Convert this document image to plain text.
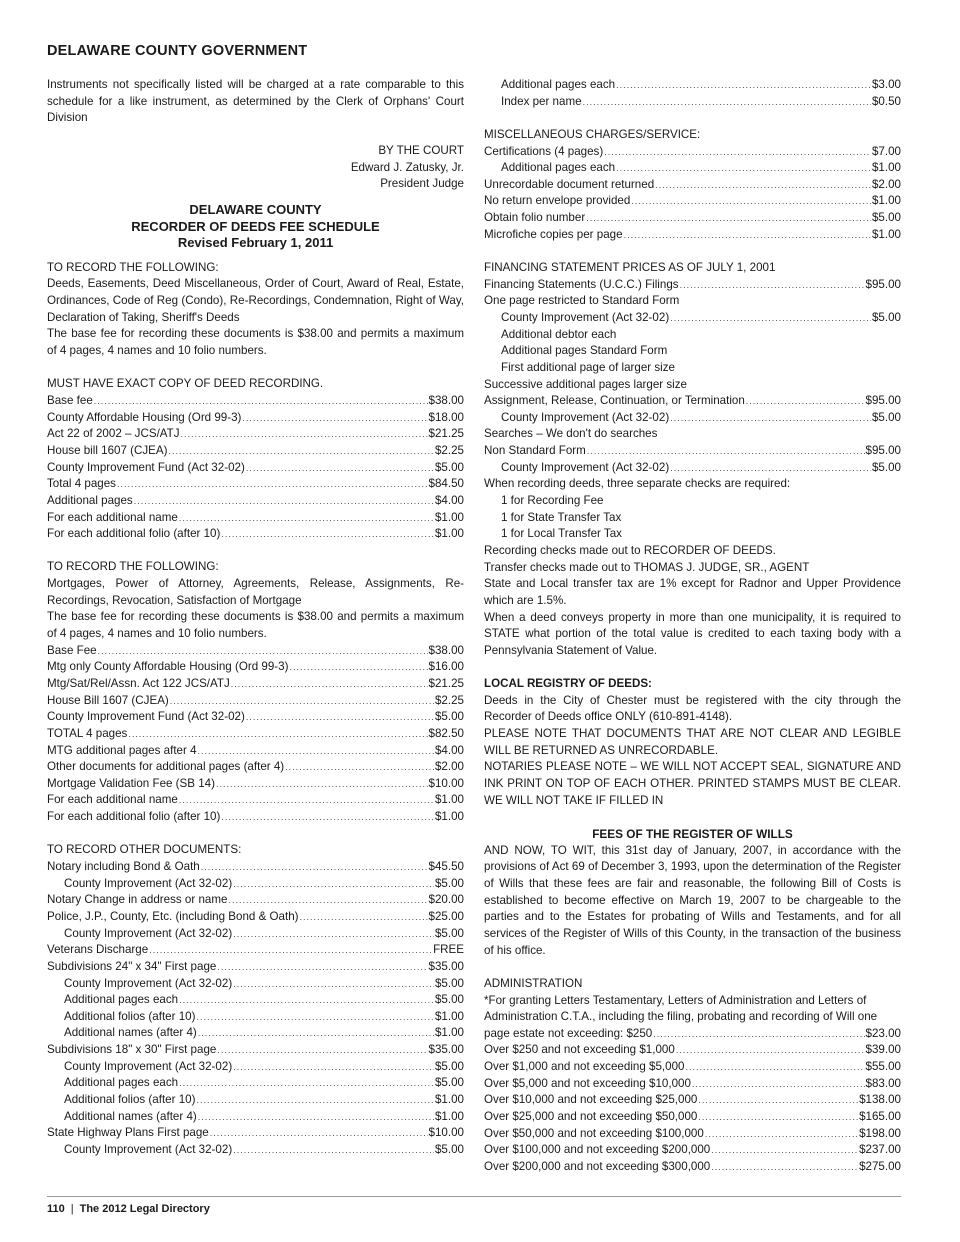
DELAWARE COUNTY GOVERNMENT
Instruments not specifically listed will be charged at a rate comparable to this schedule for a like instrument, as determined by the Clerk of Orphans' Court Division
BY THE COURT
Edward J. Zatusky, Jr.
President Judge
DELAWARE COUNTY
RECORDER OF DEEDS FEE SCHEDULE
Revised February 1, 2011
TO RECORD THE FOLLOWING:
Deeds, Easements, Deed Miscellaneous, Order of Court, Award of Real, Estate, Ordinances, Code of Reg (Condo), Re-Recordings, Condemnation, Right of Way, Declaration of Taking, Sheriff's Deeds
The base fee for recording these documents is $38.00 and permits a maximum of 4 pages, 4 names and 10 folio numbers.
MUST HAVE EXACT COPY OF DEED RECORDING.
Base fee .....	$38.00
County Affordable Housing (Ord 99-3) .....	$18.00
Act 22 of 2002 – JCS/ATJ .....	$21.25
House bill 1607 (CJEA) .....	$2.25
County Improvement Fund (Act 32-02) .....	$5.00
Total 4 pages .....	$84.50
Additional pages .....	$4.00
For each additional name .....	$1.00
For each additional folio (after 10) .....	$1.00
TO RECORD THE FOLLOWING:
Mortgages, Power of Attorney, Agreements, Release, Assignments, Re-Recordings, Revocation, Satisfaction of Mortgage
The base fee for recording these documents is $38.00 and permits a maximum of 4 pages, 4 names and 10 folio numbers.
Base Fee .....	$38.00
Mtg only County Affordable Housing (Ord 99-3) .....	$16.00
Mtg/Sat/Rel/Assn. Act 122 JCS/ATJ .....	$21.25
House Bill 1607 (CJEA) .....	$2.25
County Improvement Fund (Act 32-02) .....	$5.00
TOTAL 4 pages .....	$82.50
MTG additional pages after 4 .....	$4.00
Other documents for additional pages (after 4) .....	$2.00
Mortgage Validation Fee (SB 14) .....	$10.00
For each additional name .....	$1.00
For each additional folio (after 10) .....	$1.00
TO RECORD OTHER DOCUMENTS:
Notary including Bond & Oath .....	$45.50
County Improvement (Act 32-02) .....	$5.00
Notary Change in address or name .....	$20.00
Police, J.P., County, Etc. (including Bond & Oath) .....	$25.00
County Improvement (Act 32-02) .....	$5.00
Veterans Discharge .....	FREE
Subdivisions 24" x 34" First page .....	$35.00
County Improvement (Act 32-02) .....	$5.00
Additional pages each .....	$5.00
Additional folios (after 10) .....	$1.00
Additional names (after 4) .....	$1.00
Subdivisions 18" x 30" First page .....	$35.00
County Improvement (Act 32-02) .....	$5.00
Additional pages each .....	$5.00
Additional folios (after 10) .....	$1.00
Additional names (after 4) .....	$1.00
State Highway Plans First page .....	$10.00
County Improvement (Act 32-02) .....	$5.00
Additional pages each .....	$3.00
Index per name .....	$0.50
MISCELLANEOUS CHARGES/SERVICE:
Certifications (4 pages) .....	$7.00
Additional pages each .....	$1.00
Unrecordable document returned .....	$2.00
No return envelope provided .....	$1.00
Obtain folio number .....	$5.00
Microfiche copies per page .....	$1.00
FINANCING STATEMENT PRICES AS OF JULY 1, 2001
Financing Statements (U.C.C.) Filings .....	$95.00
One page restricted to Standard Form
County Improvement (Act 32-02) .....	$5.00
Additional debtor each
Additional pages Standard Form
First additional page of larger size
Successive additional pages larger size
Assignment, Release, Continuation, or Termination .....	$95.00
County Improvement (Act 32-02) .....	$5.00
Searches – We don't do searches
Non Standard Form .....	$95.00
County Improvement (Act 32-02) .....	$5.00
When recording deeds, three separate checks are required:
1 for Recording Fee
1 for State Transfer Tax
1 for Local Transfer Tax
Recording checks made out to RECORDER OF DEEDS.
Transfer checks made out to THOMAS J. JUDGE, SR., AGENT
State and Local transfer tax are 1% except for Radnor and Upper Providence which are 1.5%.
When a deed conveys property in more than one municipality, it is required to STATE what portion of the total value is credited to each taxing body with a Pennsylvania Statement of Value.
LOCAL REGISTRY OF DEEDS:
Deeds in the City of Chester must be registered with the city through the Recorder of Deeds office ONLY (610-891-4148).
PLEASE NOTE THAT DOCUMENTS THAT ARE NOT CLEAR AND LEGIBLE WILL BE RETURNED AS UNRECORDABLE.
NOTARIES PLEASE NOTE – WE WILL NOT ACCEPT SEAL, SIGNATURE AND INK PRINT ON TOP OF EACH OTHER. PRINTED STAMPS MUST BE CLEAR. WE WILL NOT TAKE IF FILLED IN
FEES OF THE REGISTER OF WILLS
AND NOW, TO WIT, this 31st day of January, 2007, in accordance with the provisions of Act 69 of December 3, 1993, upon the determination of the Register of Wills that these fees are fair and reasonable, the following Bill of Costs is established to become effective on March 19, 2007 to be chargeable to the parties and to the Estates for probating of Wills and Testaments, and for all services of the Register of Wills of this County, in the transaction of the business of his office.
ADMINISTRATION
*For granting Letters Testamentary, Letters of Administration and Letters of
Administration C.T.A., including the filing, probating and recording of Will one
page estate not exceeding: $250 .....	$23.00
Over $250 and not exceeding $1,000 .....	$39.00
Over $1,000 and not exceeding $5,000 .....	$55.00
Over $5,000 and not exceeding $10,000 .....	$83.00
Over $10,000 and not exceeding $25,000 .....	$138.00
Over $25,000 and not exceeding $50,000 .....	$165.00
Over $50,000 and not exceeding $100,000 .....	$198.00
Over $100,000 and not exceeding $200,000 .....	$237.00
Over $200,000 and not exceeding $300,000 .....	$275.00
110 | The 2012 Legal Directory
